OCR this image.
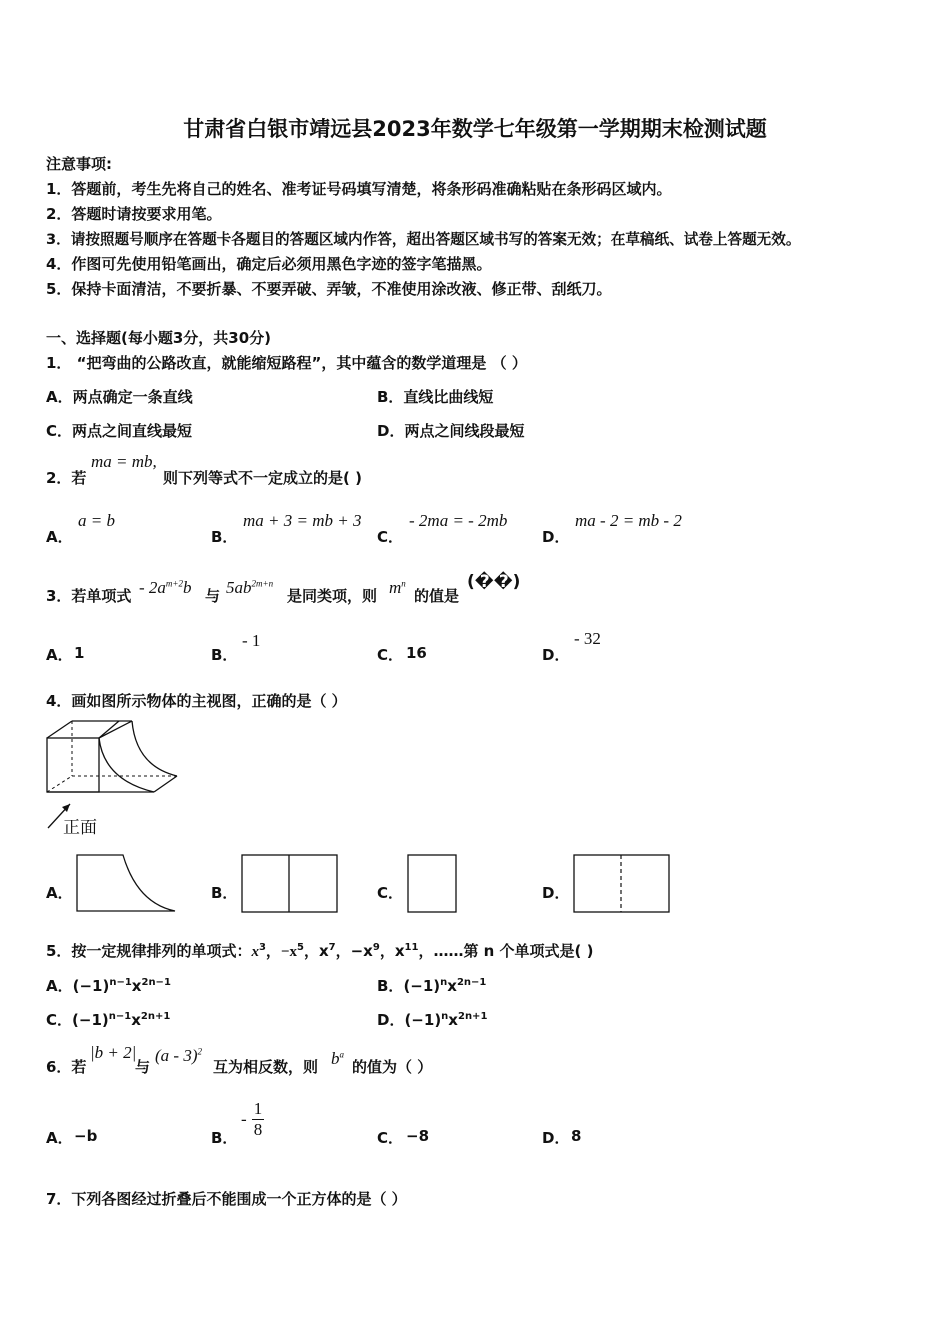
甘肃省白银市靖远县2023年数学七年级第一学期期末检测试题
注意事项:
1．答题前，考生先将自己的姓名、准考证号码填写清楚，将条形码准确粘贴在条形码区域内。
2．答题时请按要求用笔。
3．请按照题号顺序在答题卡各题目的答题区域内作答，超出答题区域书写的答案无效；在草稿纸、试卷上答题无效。
4．作图可先使用铅笔画出，确定后必须用黑色字迹的签字笔描黑。
5．保持卡面清洁，不要折暴、不要弄破、弄皱，不准使用涂改液、修正带、刮纸刀。
一、选择题(每小题3分，共30分)
1． “把弯曲的公路改直，就能缩短路程”，其中蕴含的数学道理是 （ ）
A．两点确定一条直线	B．直线比曲线短
C．两点之间直线最短	D．两点之间线段最短
2．若
ma = mb,
则下列等式不一定成立的是( )
A．
a = b
B．
ma + 3 = mb + 3
C．
- 2ma = - 2mb
D．
ma - 2 = mb - 2
3．若单项式 - $2a^{m+2}b$ 与 $5ab^{2m+n}$
是同类项，则 $m^n$
的值是
(��)
A． 1	B．
- 1
C． 16	D．
- 32
4．画如图所示物体的主视图，正确的是（ ）
正面
A．	B．	C．	D．
5．按一定规律排列的单项式：$x^3$，$-x^5$，$x^7$，$-x^9$，$x^{11}$，……第 n 个单项式是( )
A．$(-1)^{n-1}x^{2n-1}$	B．$(-1)^nx^{2n-1}$
C．$(-1)^{n-1}x^{2n+1}$	D．$(-1)^nx^{2n+1}$
6．若
|b + 2|
与
(a - 3)$^2$
互为相反数，则 $b^a$
的值为（ ）
A． −b	B．
- $\frac{1}{8}$	C． −8	D． 8
7．下列各图经过折叠后不能围成一个正方体的是（ ）
